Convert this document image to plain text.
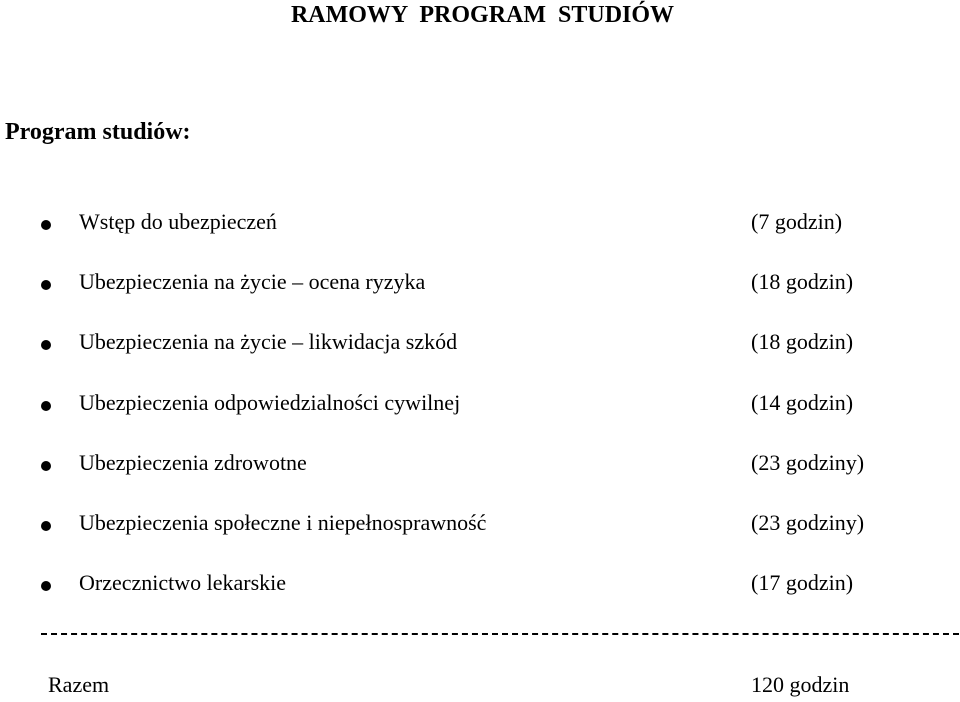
RAMOWY  PROGRAM  STUDIÓW
Program studiów:
Wstęp do ubezpieczeń	(7 godzin)
Ubezpieczenia na życie – ocena ryzyka	(18 godzin)
Ubezpieczenia na życie – likwidacja szkód	(18 godzin)
Ubezpieczenia odpowiedzialności cywilnej	(14 godzin)
Ubezpieczenia zdrowotne	(23 godziny)
Ubezpieczenia społeczne i niepełnosprawność	(23 godziny)
Orzecznictwo lekarskie	(17 godzin)
Razem	120 godzin
